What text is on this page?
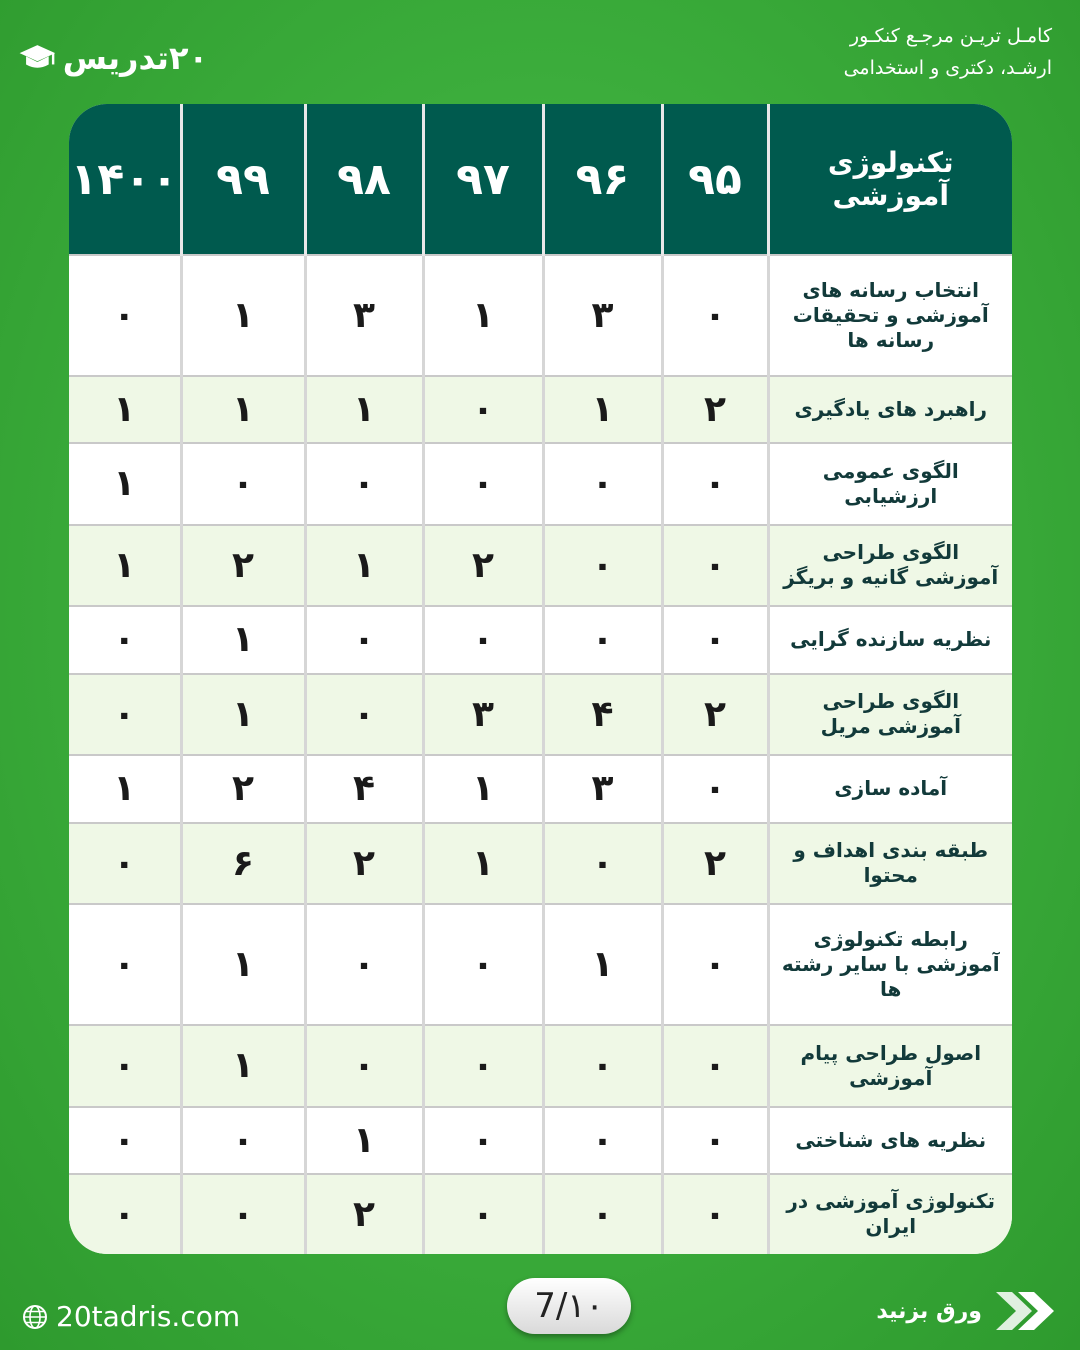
۲۰تدریس
کامـل تریـن مرجـع کنکـور
ارشـد، دکتری و استخدامی
تکنولوژی آموزشی	۹۵	۹۶	۹۷	۹۸	۹۹	۱۴۰۰
انتخاب رسانه های آموزشی و تحقیقات رسانه ها	۰	۳	۱	۳	۱	۰
راهبرد های یادگیری	۲	۱	۰	۱	۱	۱
الگوی عمومی ارزشیابی	۰	۰	۰	۰	۰	۱
الگوی طراحی آموزشی گانیه و بریگز	۰	۰	۲	۱	۲	۱
نظریه سازنده گرایی	۰	۰	۰	۰	۱	۰
الگوی طراحی آموزشی مریل	۲	۴	۳	۰	۱	۰
آماده سازی	۰	۳	۱	۴	۲	۱
طبقه بندی اهداف و محتوا	۲	۰	۱	۲	۶	۰
رابطه تکنولوژی آموزشی با سایر رشته ها	۰	۱	۰	۰	۱	۰
اصول طراحی پیام آموزشی	۰	۰	۰	۰	۱	۰
نظریه های شناختی	۰	۰	۰	۱	۰	۰
تکنولوژی آموزشی در ایران	۰	۰	۰	۲	۰	۰
20tadris.com	7/۱۰	ورق بزنید
